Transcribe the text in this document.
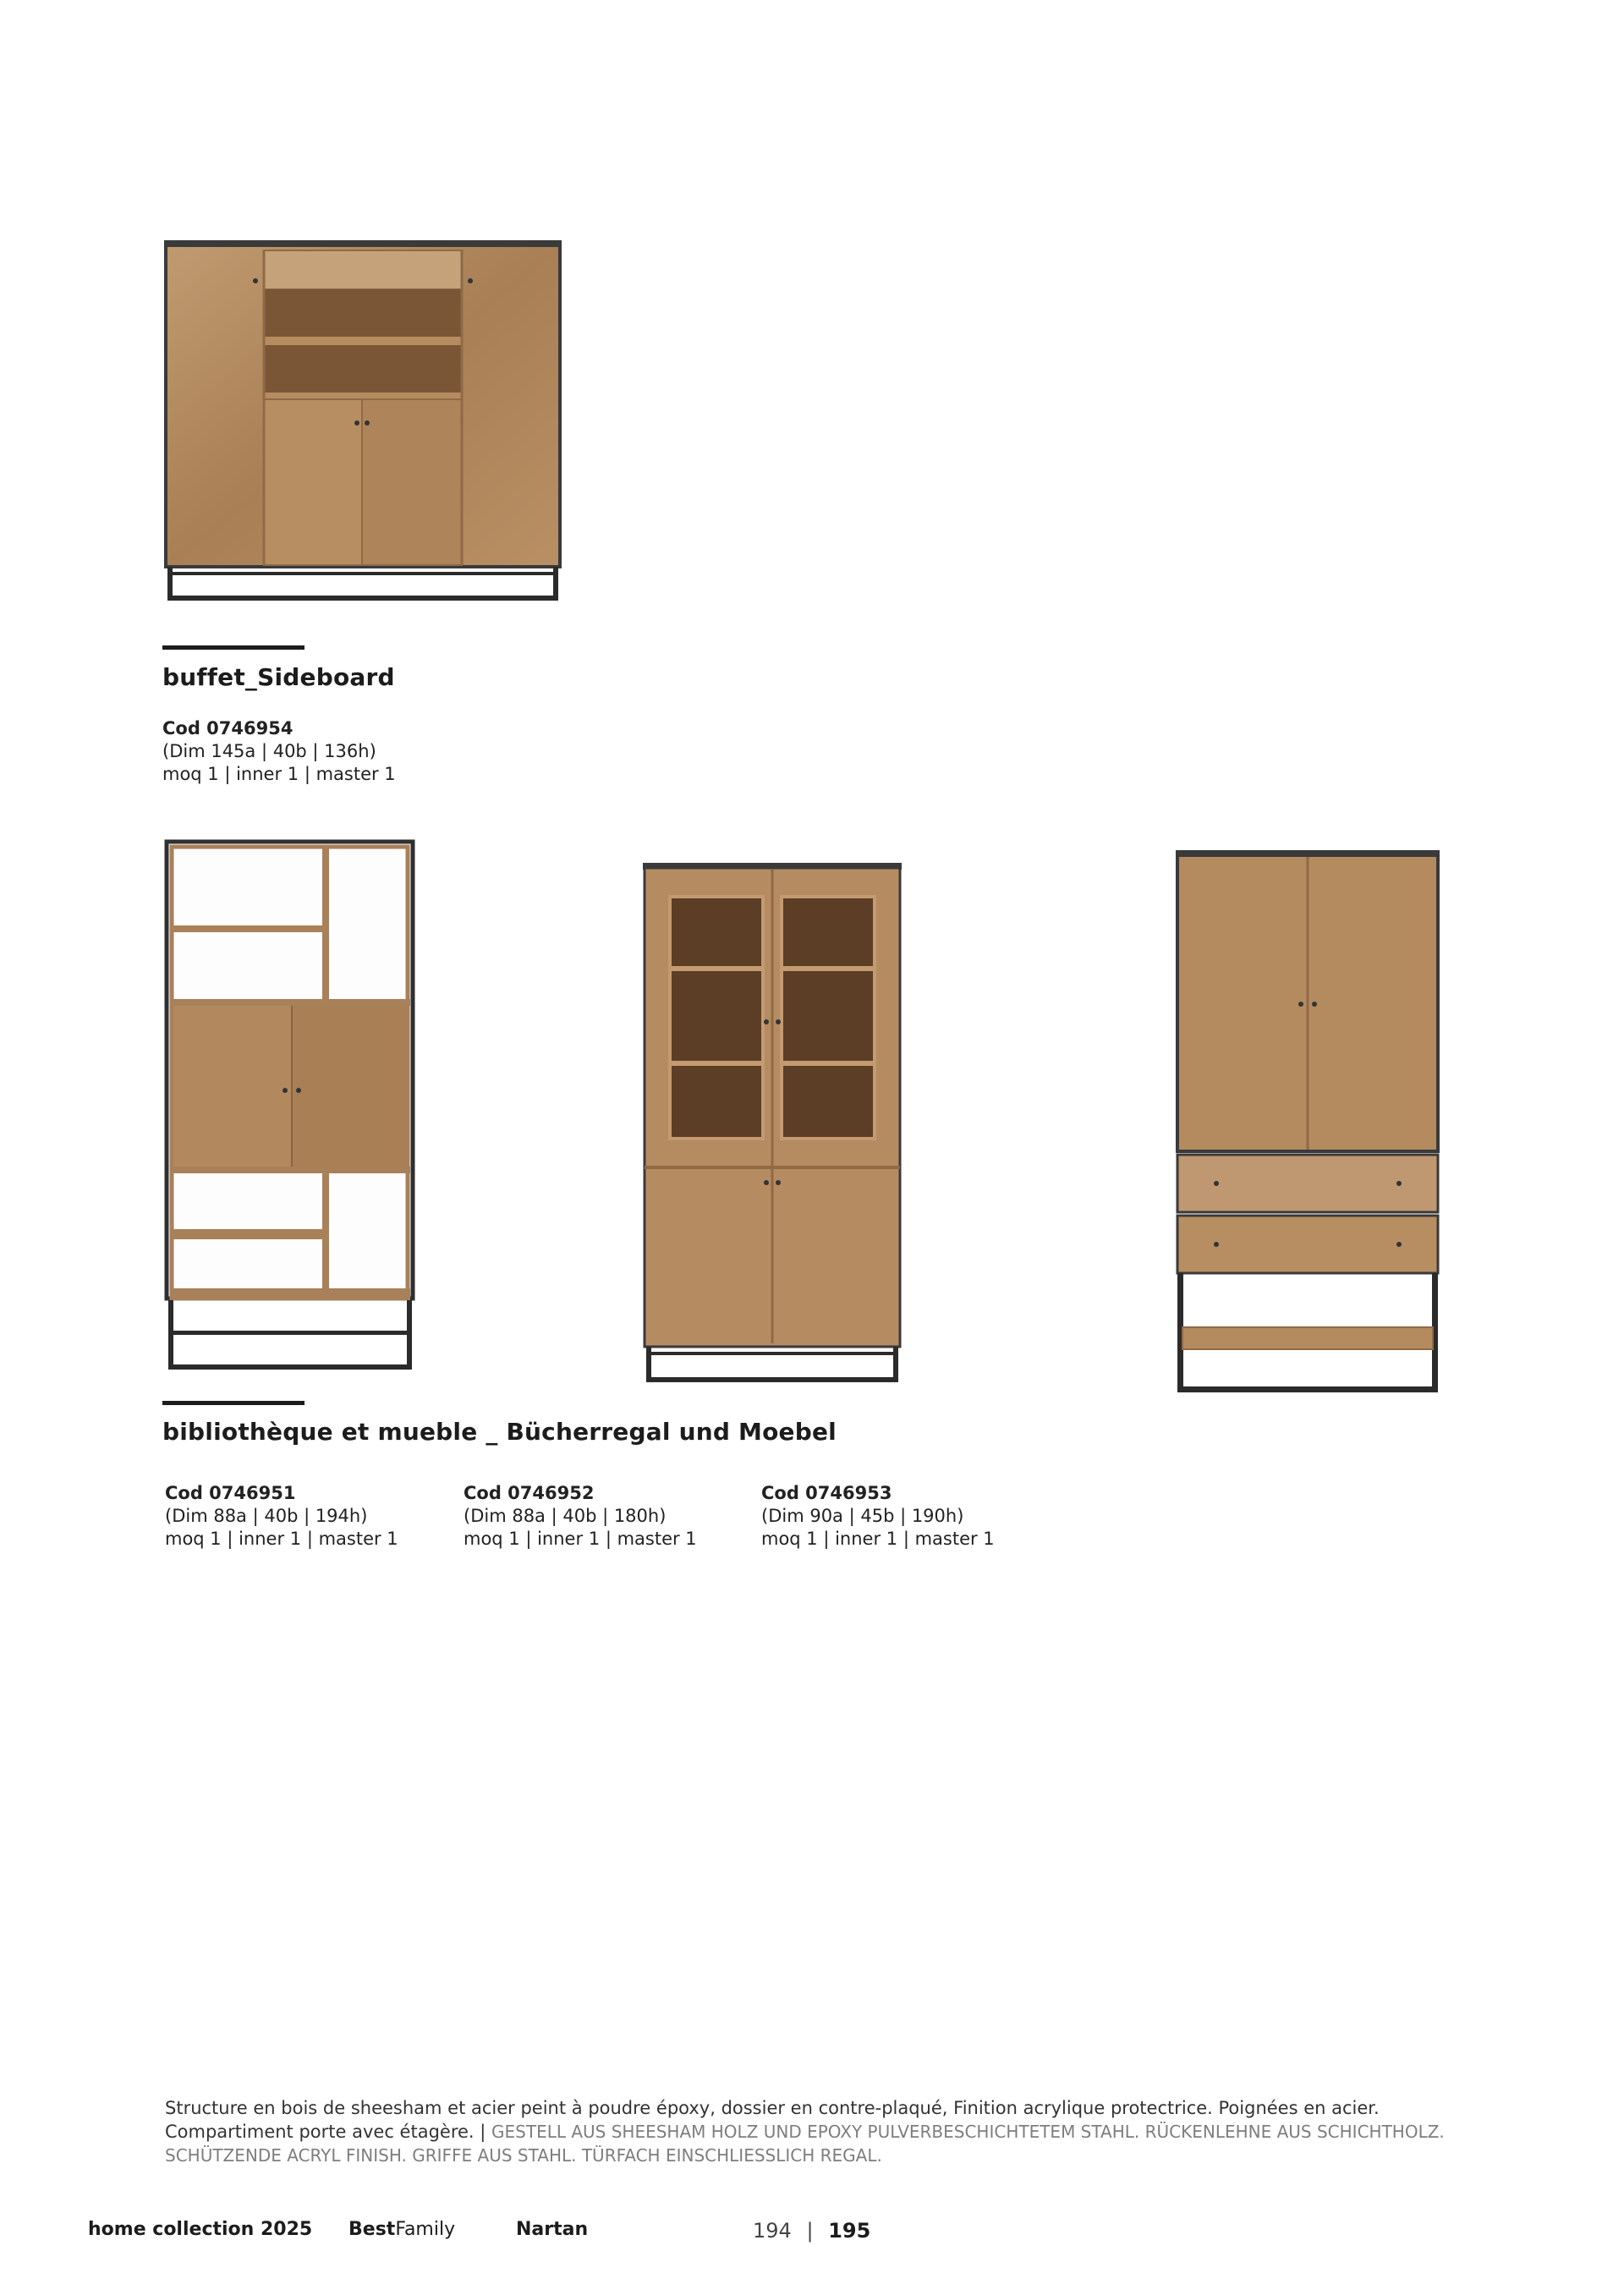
buffet_Sideboard
Cod 0746954
(Dim 145a | 40b | 136h)
moq 1 | inner 1 | master 1
bibliothèque et mueble _ Bücherregal und Moebel
Cod 0746951
(Dim 88a | 40b | 194h)
moq 1 | inner 1 | master 1
Cod 0746952
(Dim 88a | 40b | 180h)
moq 1 | inner 1 | master 1
Cod 0746953
(Dim 90a | 45b | 190h)
moq 1 | inner 1 | master 1
Structure en bois de sheesham et acier peint à poudre époxy, dossier en contre-plaqué, Finition acrylique protectrice. Poignées en acier. Compartiment porte avec étagère. | GESTELL AUS SHEESHAM HOLZ UND EPOXY PULVERBESCHICHTETEM STAHL. RÜCKENLEHNE AUS SCHICHTHOLZ. SCHÜTZENDE ACRYL FINISH. GRIFFE AUS STAHL. TÜRFACH EINSCHLIESSLICH REGAL.
home collection 2025 BestFamily	Nartan	194 | 195
